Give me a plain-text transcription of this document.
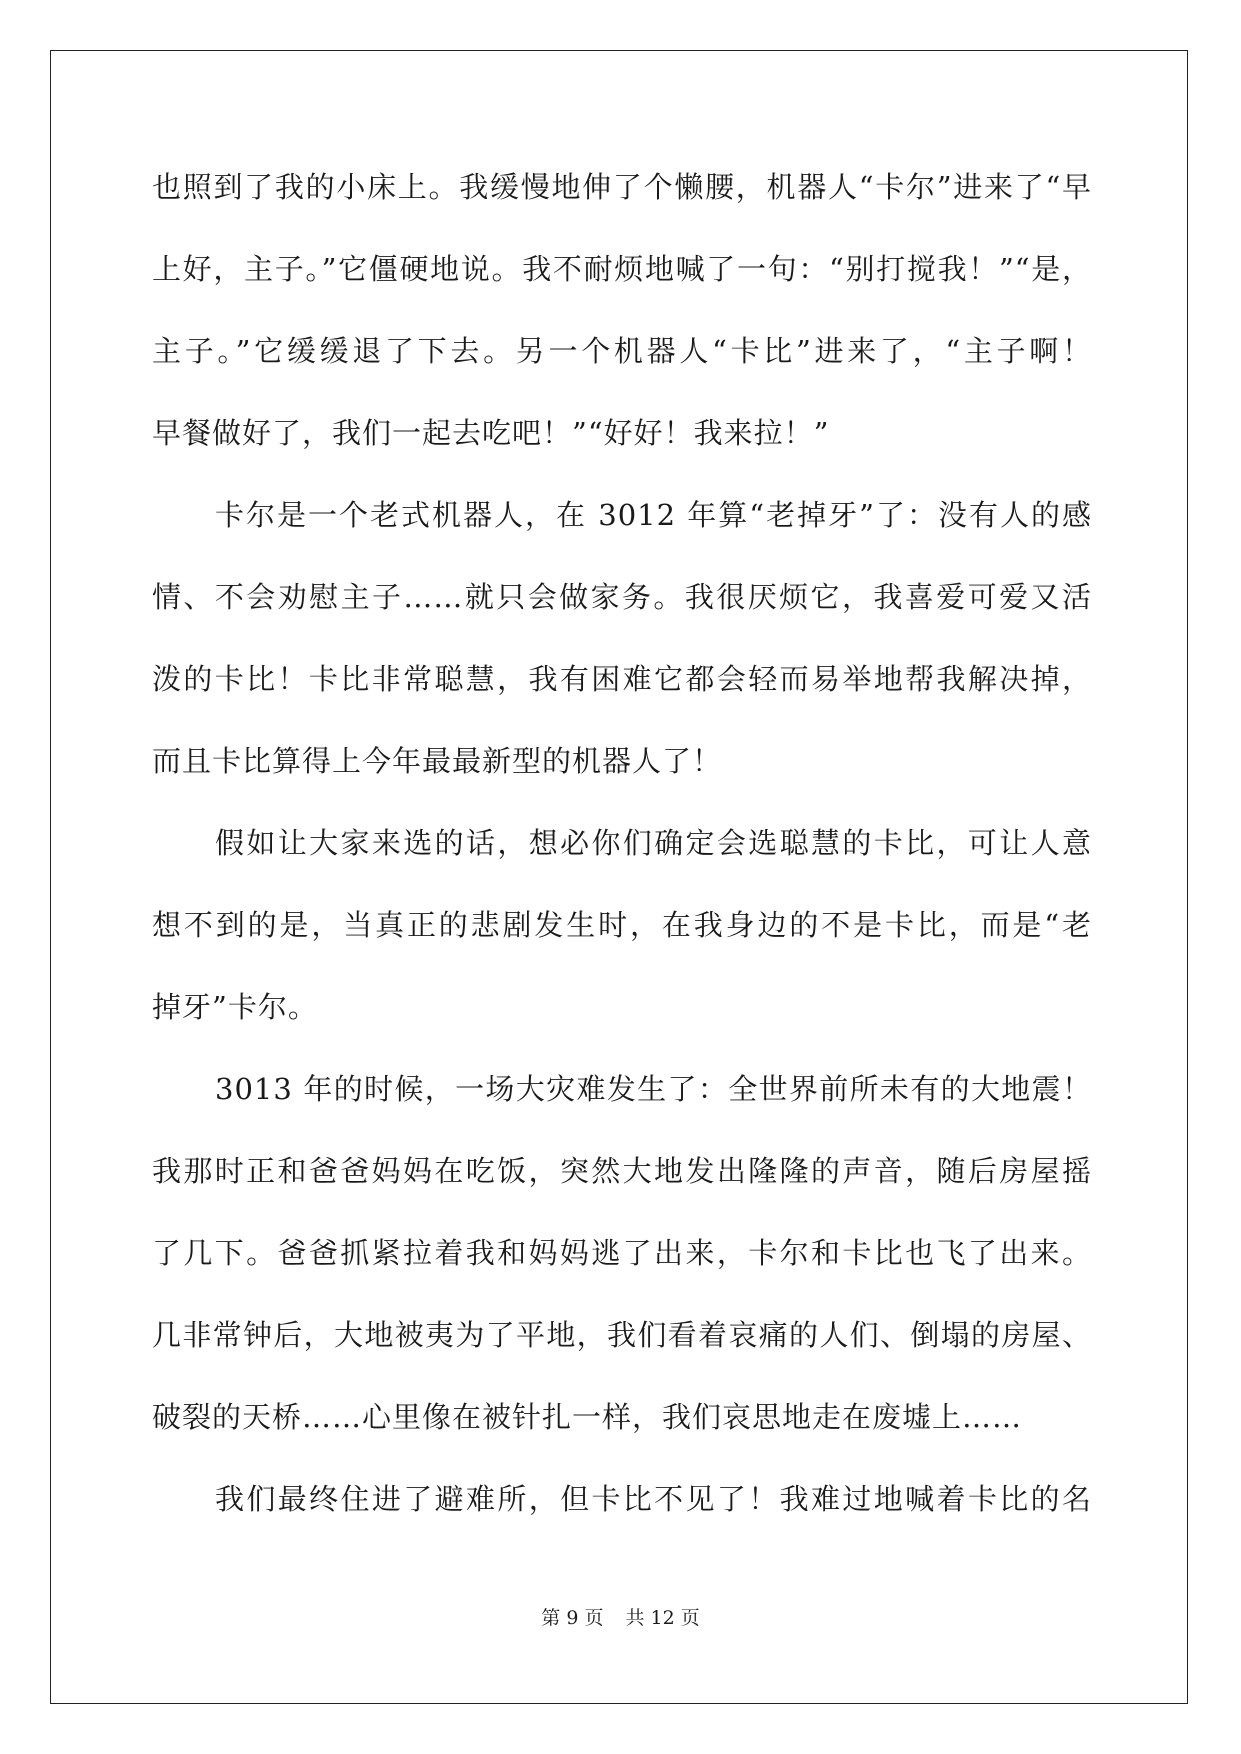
也照到了我的小床上。我缓慢地伸了个懒腰，机器人“卡尔”进来了“早
上好，主子。”它僵硬地说。我不耐烦地喊了一句：“别打搅我！”“是，
主子。”它缓缓退了下去。另一个机器人“卡比”进来了，“主子啊！
早餐做好了，我们一起去吃吧！”“好好！我来拉！”
卡尔是一个老式机器人，在 3012 年算“老掉牙”了：没有人的感
情、不会劝慰主子……就只会做家务。我很厌烦它，我喜爱可爱又活
泼的卡比！卡比非常聪慧，我有困难它都会轻而易举地帮我解决掉，
而且卡比算得上今年最最新型的机器人了！
假如让大家来选的话，想必你们确定会选聪慧的卡比，可让人意
想不到的是，当真正的悲剧发生时，在我身边的不是卡比，而是“老
掉牙”卡尔。
3013 年的时候，一场大灾难发生了：全世界前所未有的大地震！
我那时正和爸爸妈妈在吃饭，突然大地发出隆隆的声音，随后房屋摇
了几下。爸爸抓紧拉着我和妈妈逃了出来，卡尔和卡比也飞了出来。
几非常钟后，大地被夷为了平地，我们看着哀痛的人们、倒塌的房屋、
破裂的天桥……心里像在被针扎一样，我们哀思地走在废墟上……
我们最终住进了避难所，但卡比不见了！我难过地喊着卡比的名
第 9 页 共 12 页
